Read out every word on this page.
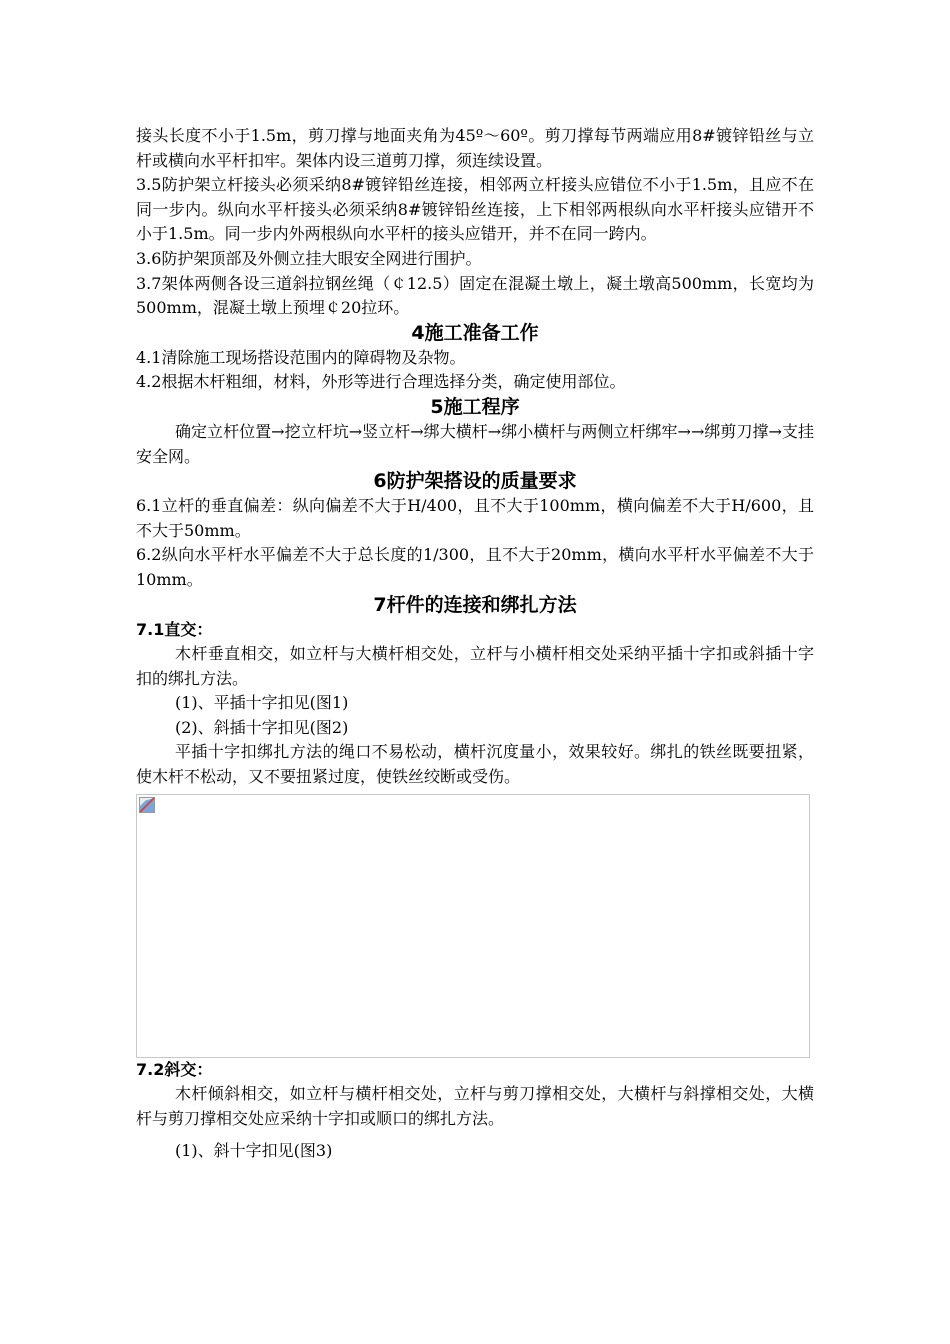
接头长度不小于1.5m，剪刀撑与地面夹角为45º～60º。剪刀撑每节两端应用8#镀锌铅丝与立杆或横向水平杆扣牢。架体内设三道剪刀撑，须连续设置。

3.5防护架立杆接头必须采纳8#镀锌铅丝连接，相邻两立杆接头应错位不小于1.5m，且应不在同一步内。纵向水平杆接头必须采纳8#镀锌铅丝连接，上下相邻两根纵向水平杆接头应错开不小于1.5m。同一步内外两根纵向水平杆的接头应错开，并不在同一跨内。

3.6防护架顶部及外侧立挂大眼安全网进行围护。

3.7架体两侧各设三道斜拉钢丝绳（￠12.5）固定在混凝土墩上，凝土墩高500mm，长宽均为500mm，混凝土墩上预埋￠20拉环。

4施工准备工作

4.1清除施工现场搭设范围内的障碍物及杂物。

4.2根据木杆粗细，材料，外形等进行合理选择分类，确定使用部位。

5施工程序

确定立杆位置→挖立杆坑→竖立杆→绑大横杆→绑小横杆与两侧立杆绑牢→→绑剪刀撑→支挂安全网。

6防护架搭设的质量要求

6.1立杆的垂直偏差：纵向偏差不大于H/400，且不大于100mm，横向偏差不大于H/600，且不大于50mm。

6.2纵向水平杆水平偏差不大于总长度的1/300，且不大于20mm，横向水平杆水平偏差不大于10mm。

7杆件的连接和绑扎方法

7.1直交：

木杆垂直相交，如立杆与大横杆相交处，立杆与小横杆相交处采纳平插十字扣或斜插十字扣的绑扎方法。

(1)、平插十字扣见(图1)

(2)、斜插十字扣见(图2)

平插十字扣绑扎方法的绳口不易松动，横杆沉度量小，效果较好。绑扎的铁丝既要扭紧，使木杆不松动，又不要扭紧过度，使铁丝绞断或受伤。

7.2斜交：

木杆倾斜相交，如立杆与横杆相交处，立杆与剪刀撑相交处，大横杆与斜撑相交处，大横杆与剪刀撑相交处应采纳十字扣或顺口的绑扎方法。

(1)、斜十字扣见(图3)
